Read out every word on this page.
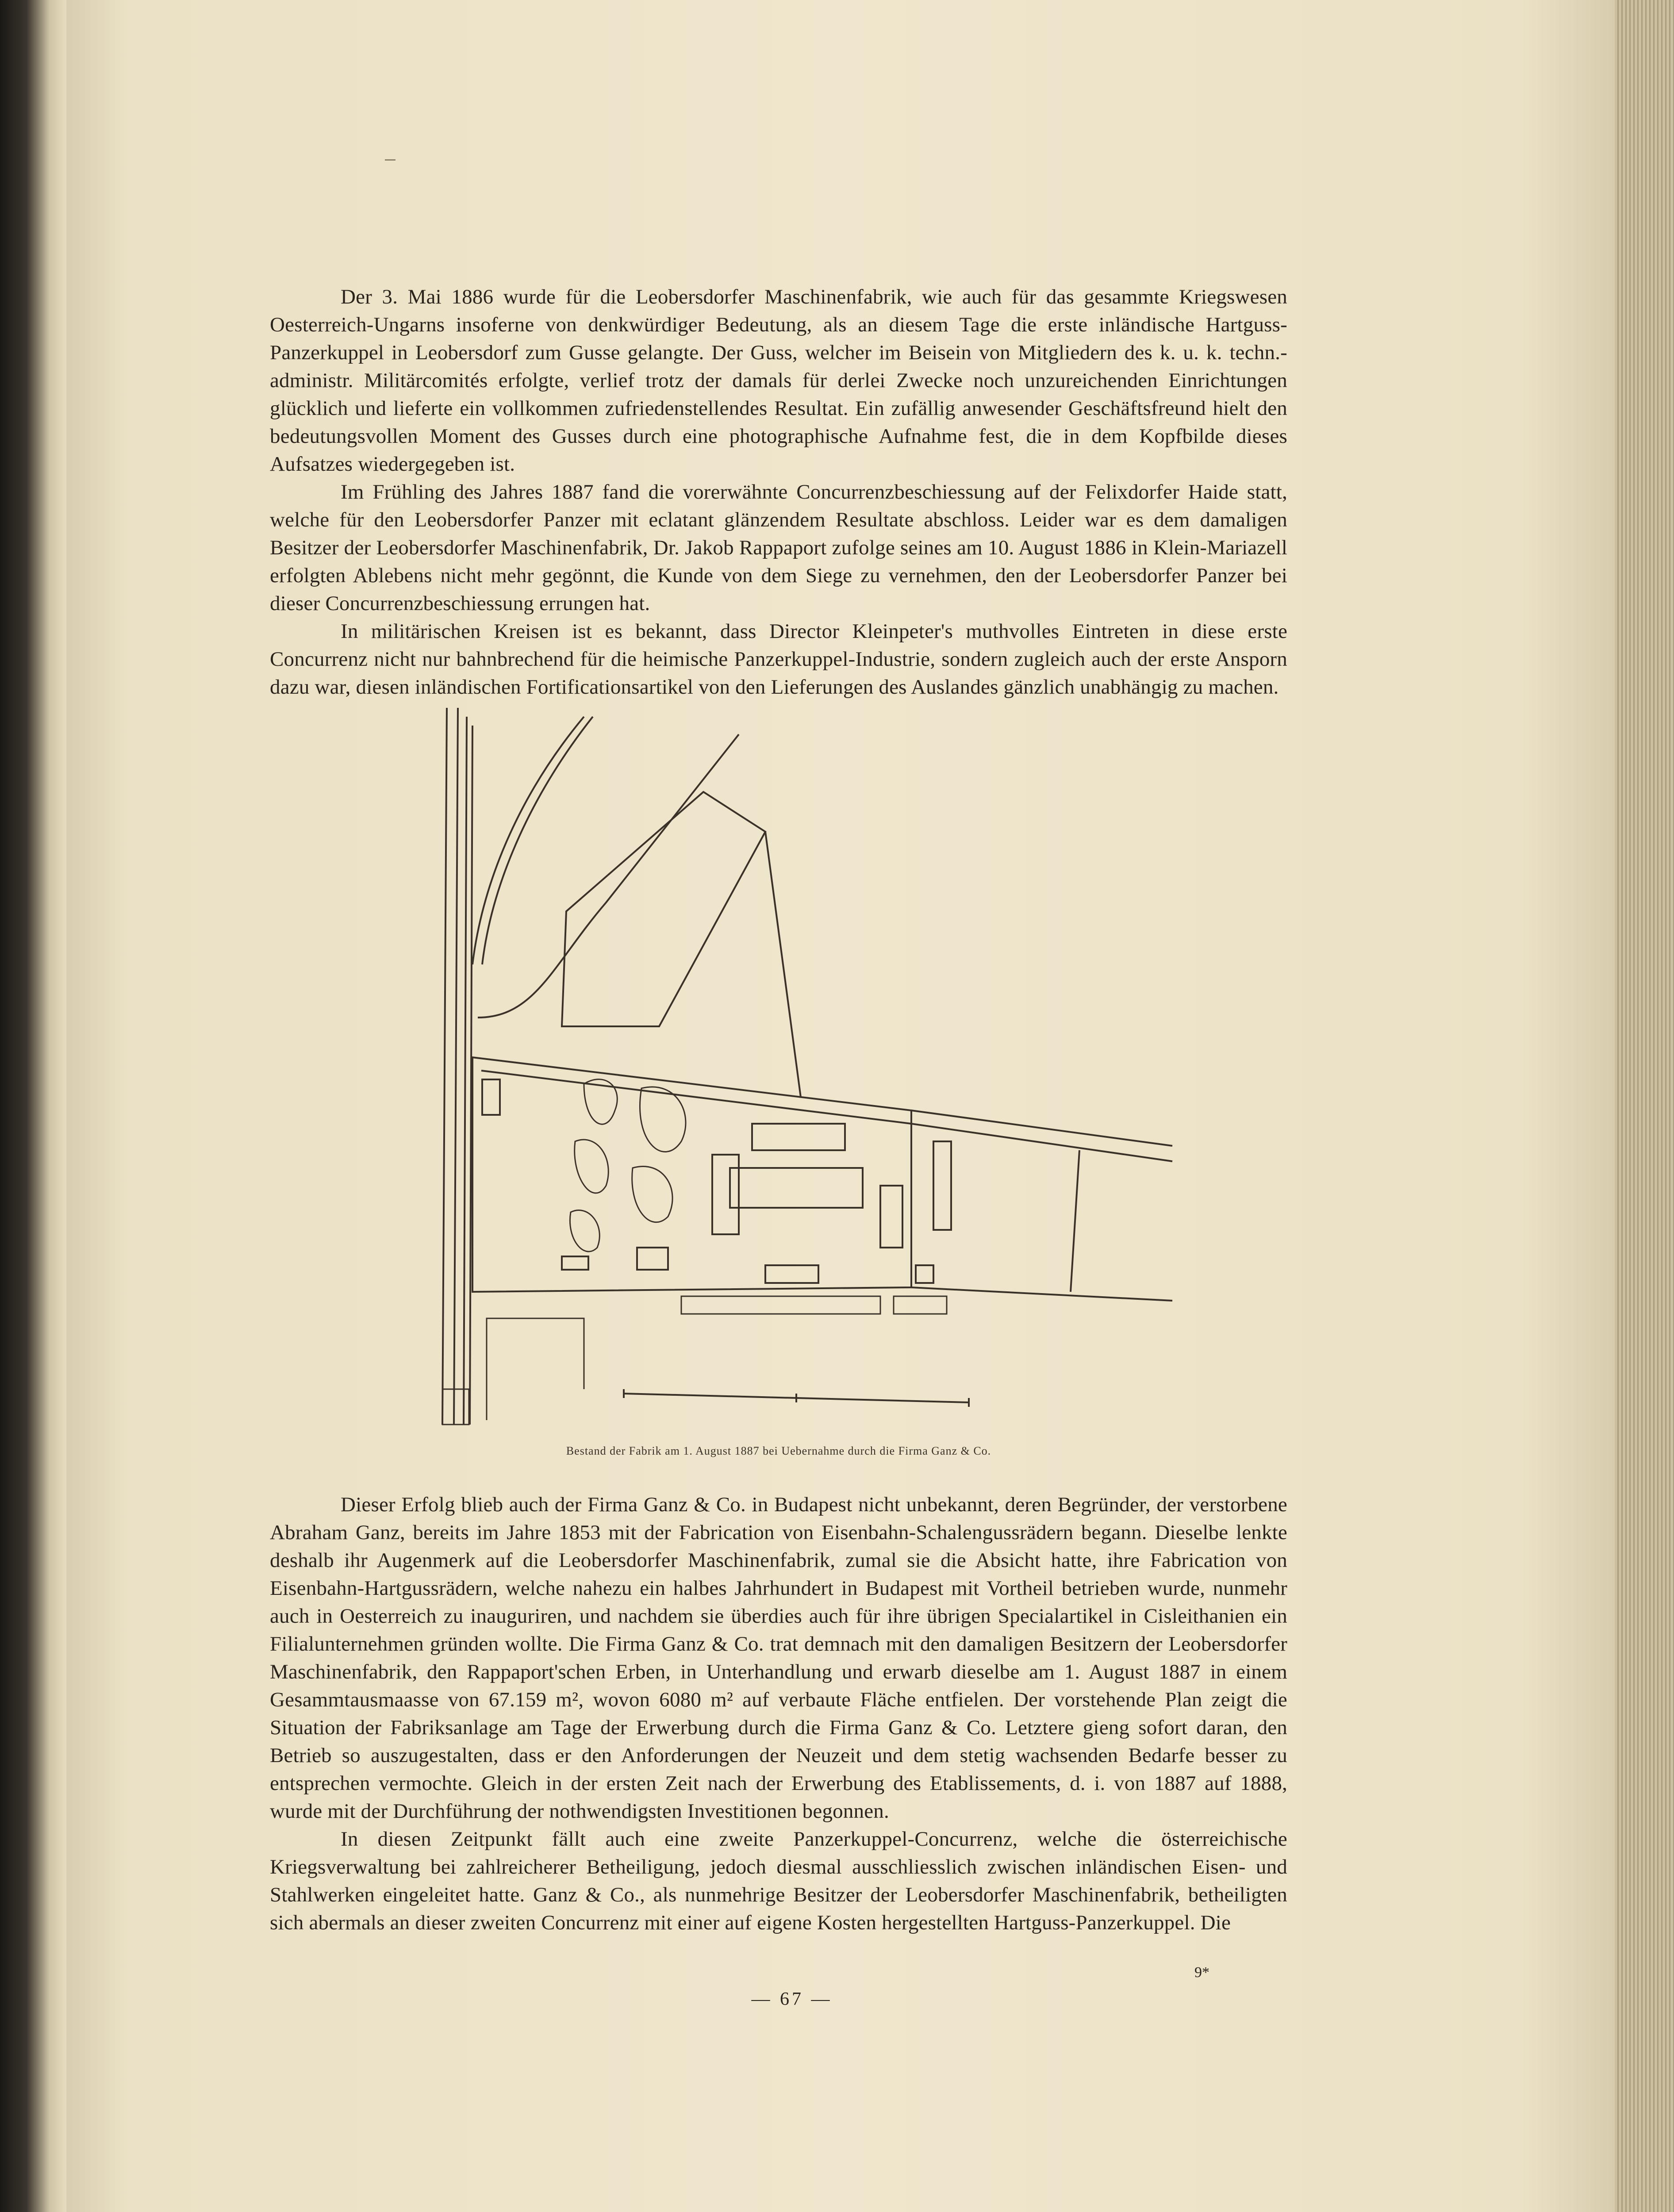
Der 3. Mai 1886 wurde für die Leobersdorfer Maschinenfabrik, wie auch für das gesammte Kriegswesen Oesterreich-Ungarns insoferne von denkwürdiger Bedeutung, als an diesem Tage die erste inländische Hartguss-Panzerkuppel in Leobersdorf zum Gusse gelangte. Der Guss, welcher im Beisein von Mitgliedern des k. u. k. techn.-administr. Militärcomités erfolgte, verlief trotz der damals für derlei Zwecke noch unzureichenden Einrichtungen glücklich und lieferte ein vollkommen zufriedenstellendes Resultat. Ein zufällig anwesender Geschäftsfreund hielt den bedeutungsvollen Moment des Gusses durch eine photographische Aufnahme fest, die in dem Kopfbilde dieses Aufsatzes wiedergegeben ist.

Im Frühling des Jahres 1887 fand die vorerwähnte Concurrenzbeschiessung auf der Felixdorfer Haide statt, welche für den Leobersdorfer Panzer mit eclatant glänzendem Resultate abschloss. Leider war es dem damaligen Besitzer der Leobersdorfer Maschinenfabrik, Dr. Jakob Rappaport zufolge seines am 10. August 1886 in Klein-Mariazell erfolgten Ablebens nicht mehr gegönnt, die Kunde von dem Siege zu vernehmen, den der Leobersdorfer Panzer bei dieser Concurrenzbeschiessung errungen hat.

In militärischen Kreisen ist es bekannt, dass Director Kleinpeter's muthvolles Eintreten in diese erste Concurrenz nicht nur bahnbrechend für die heimische Panzerkuppel-Industrie, sondern zugleich auch der erste Ansporn dazu war, diesen inländischen Fortificationsartikel von den Lieferungen des Auslandes gänzlich unabhängig zu machen.

Bestand der Fabrik am 1. August 1887 bei Uebernahme durch die Firma Ganz & Co.

Dieser Erfolg blieb auch der Firma Ganz & Co. in Budapest nicht unbekannt, deren Begründer, der verstorbene Abraham Ganz, bereits im Jahre 1853 mit der Fabrication von Eisenbahn-Schalengussrädern begann. Dieselbe lenkte deshalb ihr Augenmerk auf die Leobersdorfer Maschinenfabrik, zumal sie die Absicht hatte, ihre Fabrication von Eisenbahn-Hartgussrädern, welche nahezu ein halbes Jahrhundert in Budapest mit Vortheil betrieben wurde, nunmehr auch in Oesterreich zu inauguriren, und nachdem sie überdies auch für ihre übrigen Specialartikel in Cisleithanien ein Filialunternehmen gründen wollte. Die Firma Ganz & Co. trat demnach mit den damaligen Besitzern der Leobersdorfer Maschinenfabrik, den Rappaport'schen Erben, in Unterhandlung und erwarb dieselbe am 1. August 1887 in einem Gesammtausmaasse von 67.159 m², wovon 6080 m² auf verbaute Fläche entfielen. Der vorstehende Plan zeigt die Situation der Fabriksanlage am Tage der Erwerbung durch die Firma Ganz & Co. Letztere gieng sofort daran, den Betrieb so auszugestalten, dass er den Anforderungen der Neuzeit und dem stetig wachsenden Bedarfe besser zu entsprechen vermochte. Gleich in der ersten Zeit nach der Erwerbung des Etablissements, d. i. von 1887 auf 1888, wurde mit der Durchführung der nothwendigsten Investitionen begonnen.

In diesen Zeitpunkt fällt auch eine zweite Panzerkuppel-Concurrenz, welche die österreichische Kriegsverwaltung bei zahlreicherer Betheiligung, jedoch diesmal ausschliesslich zwischen inländischen Eisen- und Stahlwerken eingeleitet hatte. Ganz & Co., als nunmehrige Besitzer der Leobersdorfer Maschinenfabrik, betheiligten sich abermals an dieser zweiten Concurrenz mit einer auf eigene Kosten hergestellten Hartguss-Panzerkuppel. Die

— 67 —
9*
